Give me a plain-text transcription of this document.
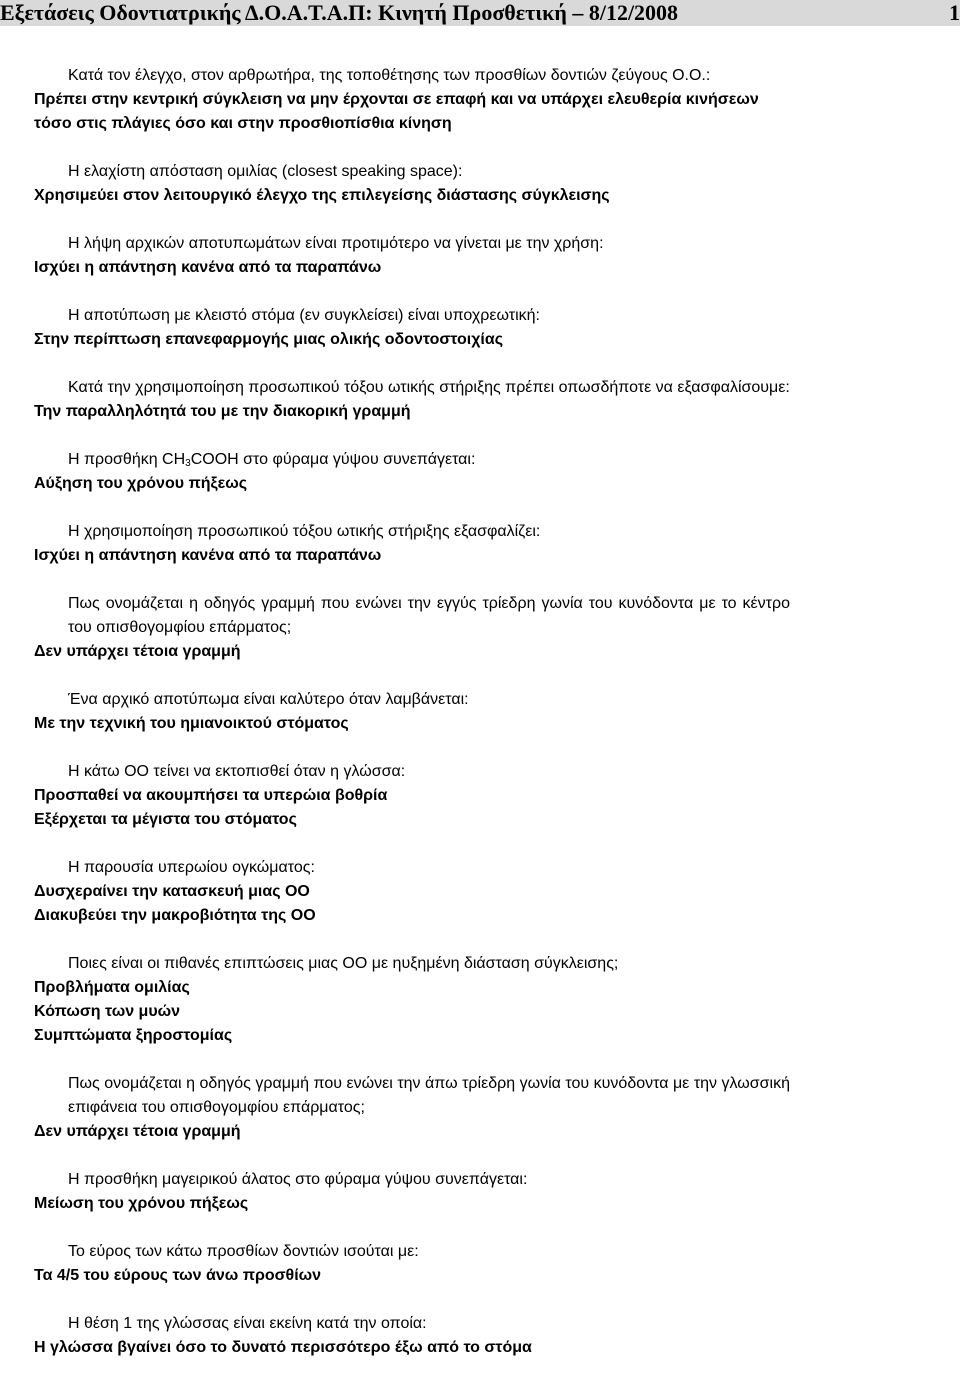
Εξετάσεις Οδοντιατρικής Δ.Ο.Α.Τ.Α.Π: Κινητή Προσθετική – 8/12/2008	1
Κατά τον έλεγχο, στον αρθρωτήρα, της τοποθέτησης των προσθίων δοντιών ζεύγους Ο.Ο.:
Πρέπει στην κεντρική σύγκλειση να μην έρχονται σε επαφή και να υπάρχει ελευθερία κινήσεων τόσο στις πλάγιες όσο και στην προσθιοπίσθια κίνηση
Η ελαχίστη απόσταση ομιλίας (closest speaking space):
Χρησιμεύει στον λειτουργικό έλεγχο της επιλεγείσης διάστασης σύγκλεισης
Η λήψη αρχικών αποτυπωμάτων είναι προτιμότερο να γίνεται με την χρήση:
Ισχύει η απάντηση κανένα από τα παραπάνω
Η αποτύπωση με κλειστό στόμα (εν συγκλείσει) είναι υποχρεωτική:
Στην περίπτωση επανεφαρμογής μιας ολικής οδοντοστοιχίας
Κατά την χρησιμοποίηση προσωπικού τόξου ωτικής στήριξης πρέπει οπωσδήποτε να εξασφαλίσουμε:
Την παραλληλότητά του με την διακορική γραμμή
Η προσθήκη $CH_3COOH$ στο φύραμα γύψου συνεπάγεται:
Αύξηση του χρόνου πήξεως
Η χρησιμοποίηση προσωπικού τόξου ωτικής στήριξης εξασφαλίζει:
Ισχύει η απάντηση κανένα από τα παραπάνω
Πως ονομάζεται η οδηγός γραμμή που ενώνει την εγγύς τρίεδρη γωνία του κυνόδοντα με το κέντρο του οπισθογομφίου επάρματος;
Δεν υπάρχει τέτοια γραμμή
Ένα αρχικό αποτύπωμα είναι καλύτερο όταν λαμβάνεται:
Με την τεχνική του ημιανοικτού στόματος
Η κάτω ΟΟ τείνει να εκτοπισθεί όταν η γλώσσα:
Προσπαθεί να ακουμπήσει τα υπερώια βοθρία
Εξέρχεται τα μέγιστα του στόματος
Η παρουσία υπερωίου ογκώματος:
Δυσχεραίνει την κατασκευή μιας ΟΟ
Διακυβεύει την μακροβιότητα της ΟΟ
Ποιες είναι οι πιθανές επιπτώσεις μιας ΟΟ με ηυξημένη διάσταση σύγκλεισης;
Προβλήματα ομιλίας
Κόπωση των μυών
Συμπτώματα ξηροστομίας
Πως ονομάζεται η οδηγός γραμμή που ενώνει την άπω τρίεδρη γωνία του κυνόδοντα με την γλωσσική επιφάνεια του οπισθογομφίου επάρματος;
Δεν υπάρχει τέτοια γραμμή
Η προσθήκη μαγειρικού άλατος στο φύραμα γύψου συνεπάγεται:
Μείωση του χρόνου πήξεως
Το εύρος των κάτω προσθίων δοντιών ισούται με:
Τα 4/5 του εύρους των άνω προσθίων
Η θέση 1 της γλώσσας είναι εκείνη κατά την οποία:
Η γλώσσα βγαίνει όσο το δυνατό περισσότερο έξω από το στόμα
